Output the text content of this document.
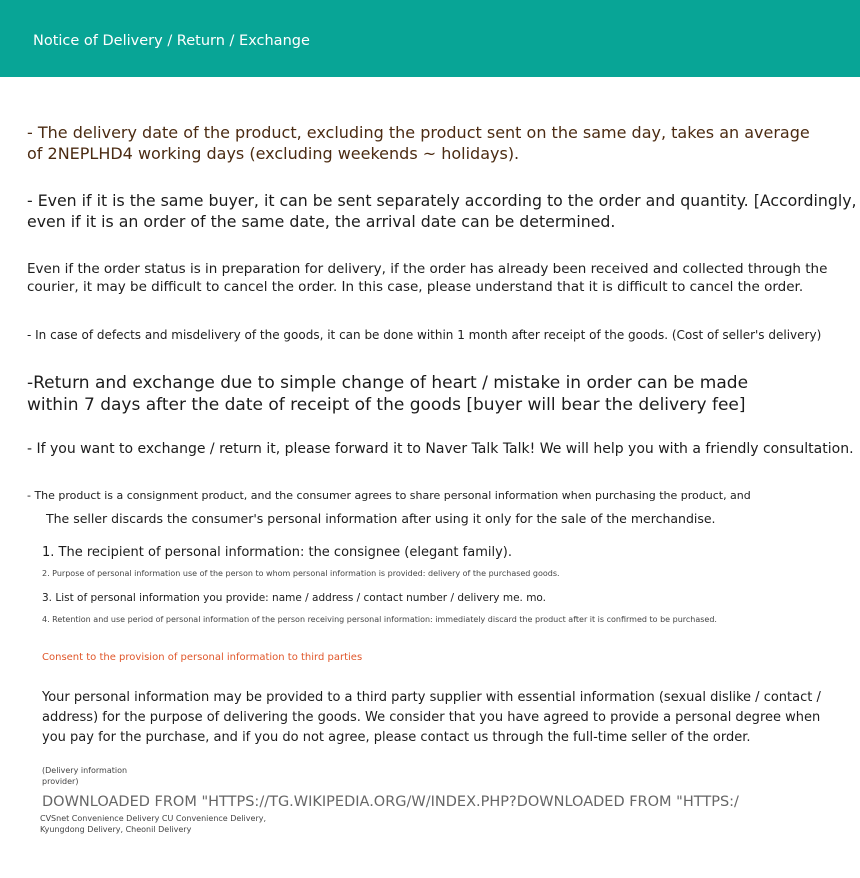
Notice of Delivery / Return / Exchange
- The delivery date of the product, excluding the product sent on the same day, takes an average
of 2NEPLHD4 working days (excluding weekends ~ holidays).
- Even if it is the same buyer, it can be sent separately according to the order and quantity. [Accordingly,
even if it is an order of the same date, the arrival date can be determined.
Even if the order status is in preparation for delivery, if the order has already been received and collected through the
courier, it may be difficult to cancel the order. In this case, please understand that it is difficult to cancel the order.
- In case of defects and misdelivery of the goods, it can be done within 1 month after receipt of the goods. (Cost of seller's delivery)
-Return and exchange due to simple change of heart / mistake in order can be made
within 7 days after the date of receipt of the goods [buyer will bear the delivery fee]
- If you want to exchange / return it, please forward it to Naver Talk Talk! We will help you with a friendly consultation.
- The product is a consignment product, and the consumer agrees to share personal information when purchasing the product, and
The seller discards the consumer's personal information after using it only for the sale of the merchandise.
1. The recipient of personal information: the consignee (elegant family).
2. Purpose of personal information use of the person to whom personal information is provided: delivery of the purchased goods.
3. List of personal information you provide: name / address / contact number / delivery me. mo.
4. Retention and use period of personal information of the person receiving personal information: immediately discard the product after it is confirmed to be purchased.
Consent to the provision of personal information to third parties
Your personal information may be provided to a third party supplier with essential information (sexual dislike / contact /
address) for the purpose of delivering the goods. We consider that you have agreed to provide a personal degree when
you pay for the purchase, and if you do not agree, please contact us through the full-time seller of the order.
(Delivery information
provider)
DOWNLOADED FROM "HTTPS://TG.WIKIPEDIA.ORG/W/INDEX.PHP?DOWNLOADED FROM "HTTPS:/
CVSnet Convenience Delivery CU Convenience Delivery,
Kyungdong Delivery, Cheonil Delivery
